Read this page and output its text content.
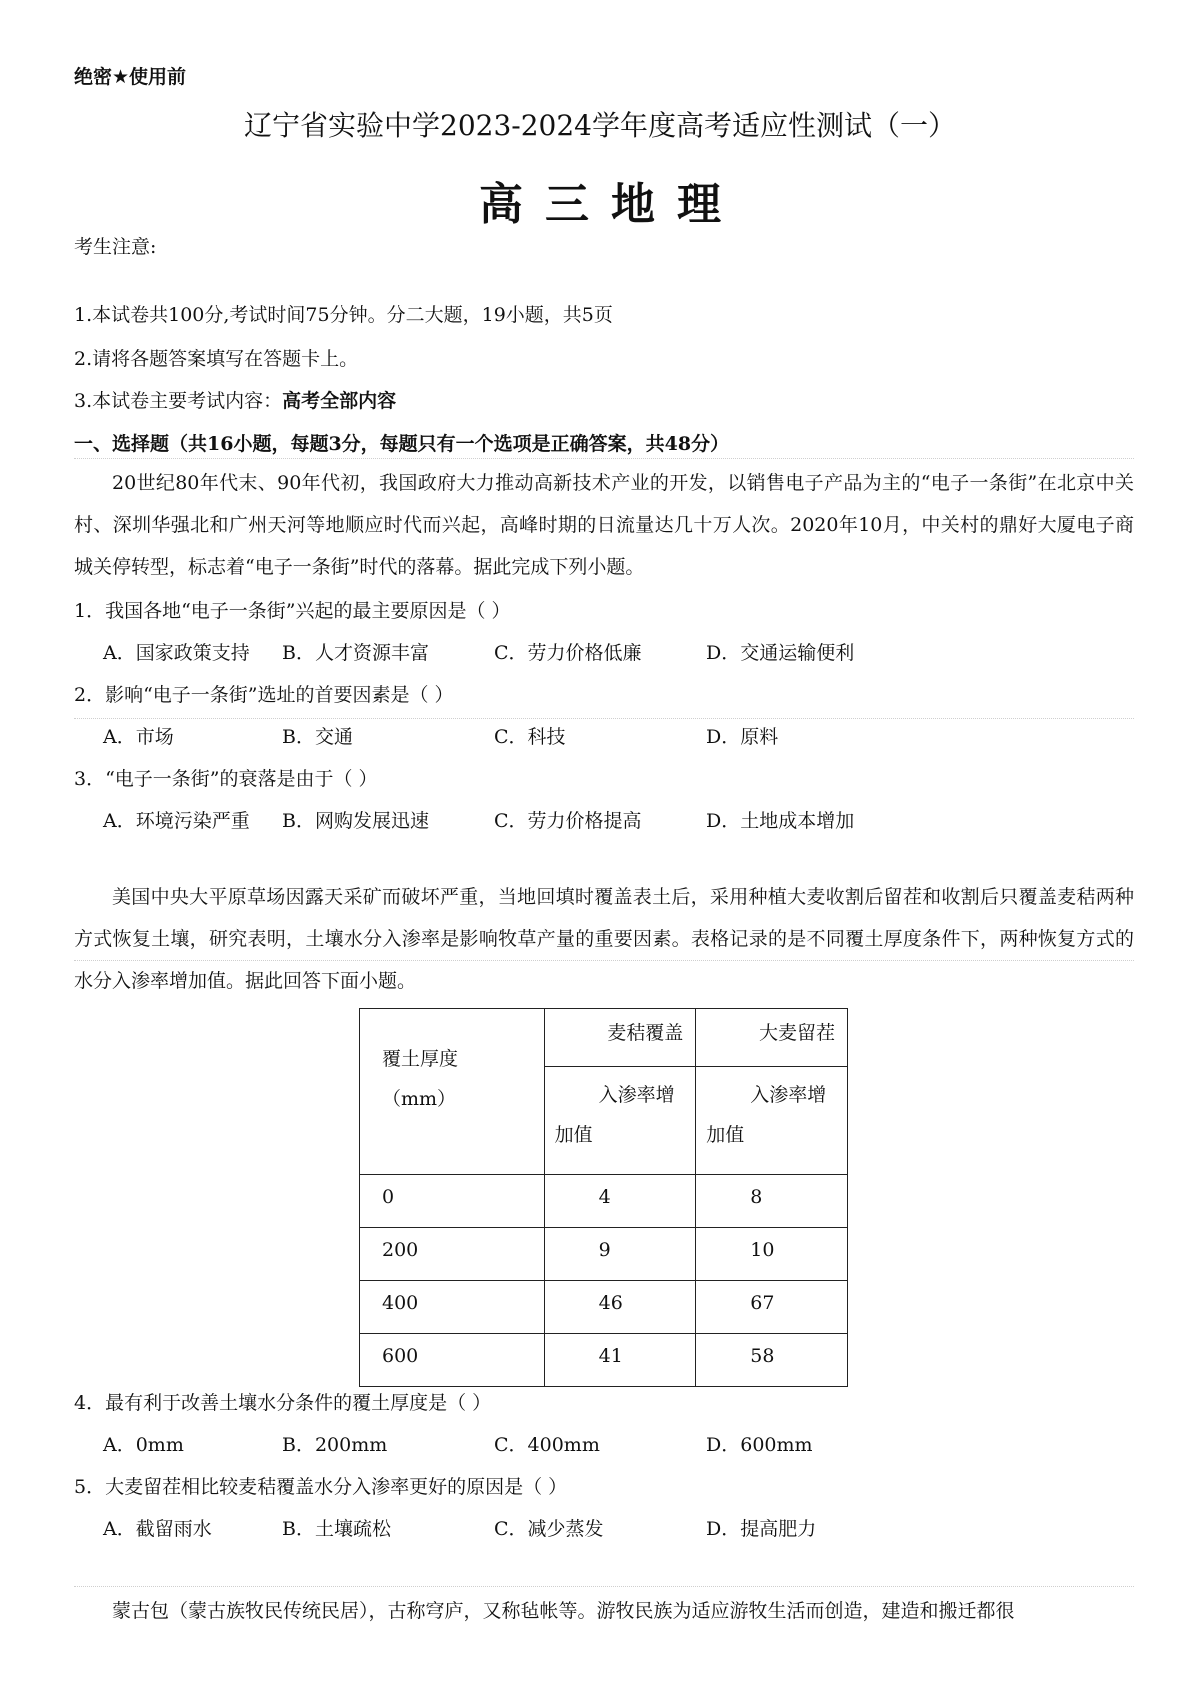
绝密★使用前
辽宁省实验中学2023-2024学年度高考适应性测试（一）
高三地理
考生注意:
1.本试卷共100分,考试时间75分钟。分二大题，19小题，共5页
2.请将各题答案填写在答题卡上。
3.本试卷主要考试内容：高考全部内容
一、选择题（共16小题，每题3分，每题只有一个选项是正确答案，共48分）
20世纪80年代末、90年代初，我国政府大力推动高新技术产业的开发，以销售电子产品为主的“电子一条街”在北京中关村、深圳华强北和广州天河等地顺应时代而兴起，高峰时期的日流量达几十万人次。2020年10月，中关村的鼎好大厦电子商城关停转型，标志着“电子一条街”时代的落幕。据此完成下列小题。
1．我国各地“电子一条街”兴起的最主要原因是（ ）
A．国家政策支持 B．人才资源丰富	C．劳力价格低廉	D．交通运输便利
2．影响“电子一条街”选址的首要因素是（ ）
A．市场	B．交通	C．科技	D．原料
3．“电子一条街”的衰落是由于（ ）
A．环境污染严重 B．网购发展迅速	C．劳力价格提高	D．土地成本增加
美国中央大平原草场因露天采矿而破坏严重，当地回填时覆盖表土后，采用种植大麦收割后留茬和收割后只覆盖麦秸两种方式恢复土壤，研究表明，土壤水分入渗率是影响牧草产量的重要因素。表格记录的是不同覆土厚度条件下，两种恢复方式的水分入渗率增加值。据此回答下面小题。
覆土厚度
（mm）	麦秸覆盖	大麦留茬

	入渗率增加值	入渗率增加值

0	4	8

200	9	10

400	46	67

600	41	58
4．最有利于改善土壤水分条件的覆土厚度是（ ）
A．0mm	B．200mm	C．400mm	D．600mm
5．大麦留茬相比较麦秸覆盖水分入渗率更好的原因是（ ）
A．截留雨水	B．土壤疏松	C．减少蒸发	D．提高肥力
蒙古包（蒙古族牧民传统民居），古称穹庐，又称毡帐等。游牧民族为适应游牧生活而创造，建造和搬迁都很
